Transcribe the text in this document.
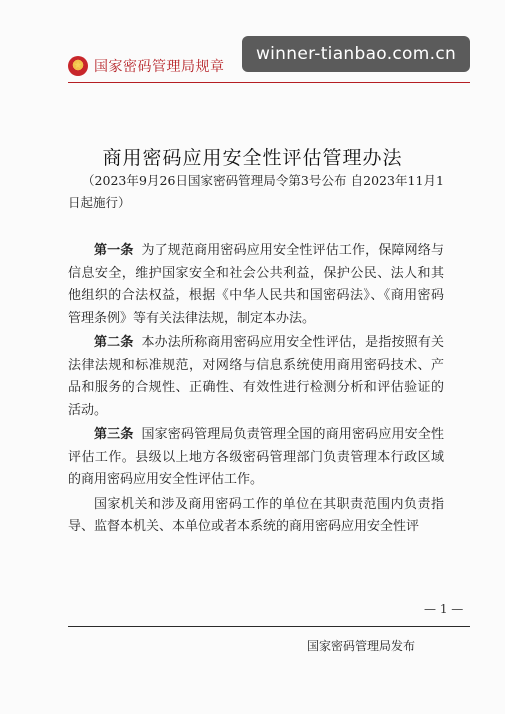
国家密码管理局规章
winner-tianbao.com.cn
商用密码应用安全性评估管理办法
（2023年9月26日国家密码管理局令第3号公布 自2023年11月1日起施行）

第一条 为了规范商用密码应用安全性评估工作，保障网络与信息安全，维护国家安全和社会公共利益，保护公民、法人和其他组织的合法权益，根据《中华人民共和国密码法》、《商用密码管理条例》等有关法律法规，制定本办法。

第二条 本办法所称商用密码应用安全性评估，是指按照有关法律法规和标准规范，对网络与信息系统使用商用密码技术、产品和服务的合规性、正确性、有效性进行检测分析和评估验证的活动。

第三条 国家密码管理局负责管理全国的商用密码应用安全性评估工作。县级以上地方各级密码管理部门负责管理本行政区域的商用密码应用安全性评估工作。

国家机关和涉及商用密码工作的单位在其职责范围内负责指导、监督本机关、本单位或者本系统的商用密码应用安全性评

— 1 —
国家密码管理局发布
